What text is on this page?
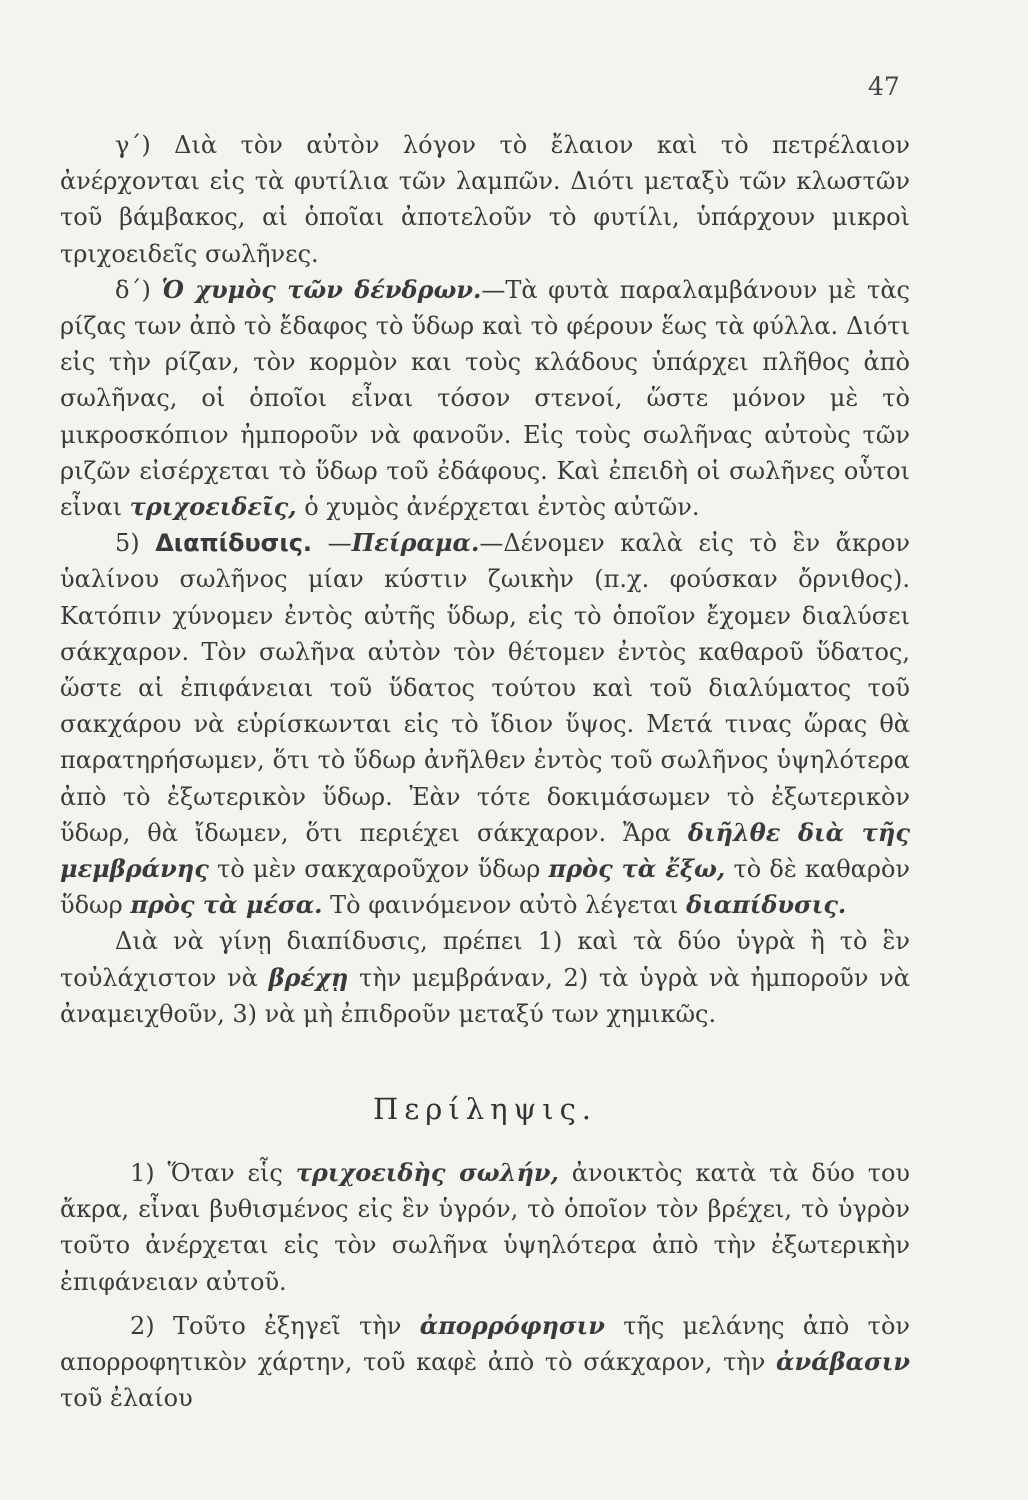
47

γ΄) Διὰ τὸν αὐτὸν λόγον τὸ ἔλαιον καὶ τὸ πετρέλαιον ἀνέρχονται εἰς τὰ φυτίλια τῶν λαμπῶν. Διότι μεταξὺ τῶν κλωστῶν τοῦ βάμβακος, αἱ ὁποῖαι ἀποτελοῦν τὸ φυτίλι, ὑπάρχουν μικροὶ τριχοειδεῖς σωλῆνες.

δ΄) Ὁ χυμὸς τῶν δένδρων.—Τὰ φυτὰ παραλαμβάνουν μὲ τὰς ρίζας των ἀπὸ τὸ ἔδαφος τὸ ὕδωρ καὶ τὸ φέρουν ἕως τὰ φύλλα. Διότι εἰς τὴν ρίζαν, τὸν κορμὸν και τοὺς κλάδους ὑπάρχει πλῆθος ἀπὸ σωλῆνας, οἱ ὁποῖοι εἶναι τόσον στενοί, ὥστε μόνον μὲ τὸ μικροσκόπιον ἠμποροῦν νὰ φανοῦν. Εἰς τοὺς σωλῆνας αὐτοὺς τῶν ριζῶν εἰσέρχεται τὸ ὕδωρ τοῦ ἐδάφους. Καὶ ἐπειδὴ οἱ σωλῆνες οὗτοι εἶναι τριχοειδεῖς, ὁ χυμὸς ἀνέρχεται ἐντὸς αὐτῶν.

5) Διαπίδυσις. —Πείραμα.—Δένομεν καλὰ εἰς τὸ ἓν ἄκρον ὑαλίνου σωλῆνος μίαν κύστιν ζωικὴν (π.χ. φούσκαν ὄρνιθος). Κατόπιν χύνομεν ἐντὸς αὐτῆς ὕδωρ, εἰς τὸ ὁποῖον ἔχομεν διαλύσει σάκχαρον. Τὸν σωλῆνα αὐτὸν τὸν θέτομεν ἐντὸς καθαροῦ ὕδατος, ὥστε αἱ ἐπιφάνειαι τοῦ ὕδατος τούτου καὶ τοῦ διαλύματος τοῦ σακχάρου νὰ εὑρίσκωνται εἰς τὸ ἴδιον ὕψος. Μετά τινας ὥρας θὰ παρατηρήσωμεν, ὅτι τὸ ὕδωρ ἀνῆλθεν ἐντὸς τοῦ σωλῆνος ὑψηλότερα ἀπὸ τὸ ἐξωτερικὸν ὕδωρ. Ἐὰν τότε δοκιμάσωμεν τὸ ἐξωτερικὸν ὕδωρ, θὰ ἴδωμεν, ὅτι περιέχει σάκχαρον. Ἄρα διῆλθε διὰ τῆς μεμβράνης τὸ μὲν σακχαροῦχον ὕδωρ πρὸς τὰ ἔξω, τὸ δὲ καθαρὸν ὕδωρ πρὸς τὰ μέσα. Τὸ φαινόμενον αὐτὸ λέγεται διαπίδυσις.

Διὰ νὰ γίνῃ διαπίδυσις, πρέπει 1) καὶ τὰ δύο ὑγρὰ ἢ τὸ ἓν τοὐλάχιστον νὰ βρέχῃ τὴν μεμβράναν, 2) τὰ ὑγρὰ νὰ ἠμποροῦν νὰ ἀναμειχθοῦν, 3) νὰ μὴ ἐπιδροῦν μεταξύ των χημικῶς.

Περίληψις.

1) Ὅταν εἷς τριχοειδὴς σωλήν, ἀνοικτὸς κατὰ τὰ δύο του ἄκρα, εἶναι βυθισμένος εἰς ἓν ὑγρόν, τὸ ὁποῖον τὸν βρέχει, τὸ ὑγρὸν τοῦτο ἀνέρχεται εἰς τὸν σωλῆνα ὑψηλότερα ἀπὸ τὴν ἐξωτερικὴν ἐπιφάνειαν αὐτοῦ.

2) Τοῦτο ἐξηγεῖ τὴν ἀπορρόφησιν τῆς μελάνης ἀπὸ τὸν απορροφητικὸν χάρτην, τοῦ καφὲ ἀπὸ τὸ σάκχαρον, τὴν ἀνάβασιν τοῦ ἐλαίου
